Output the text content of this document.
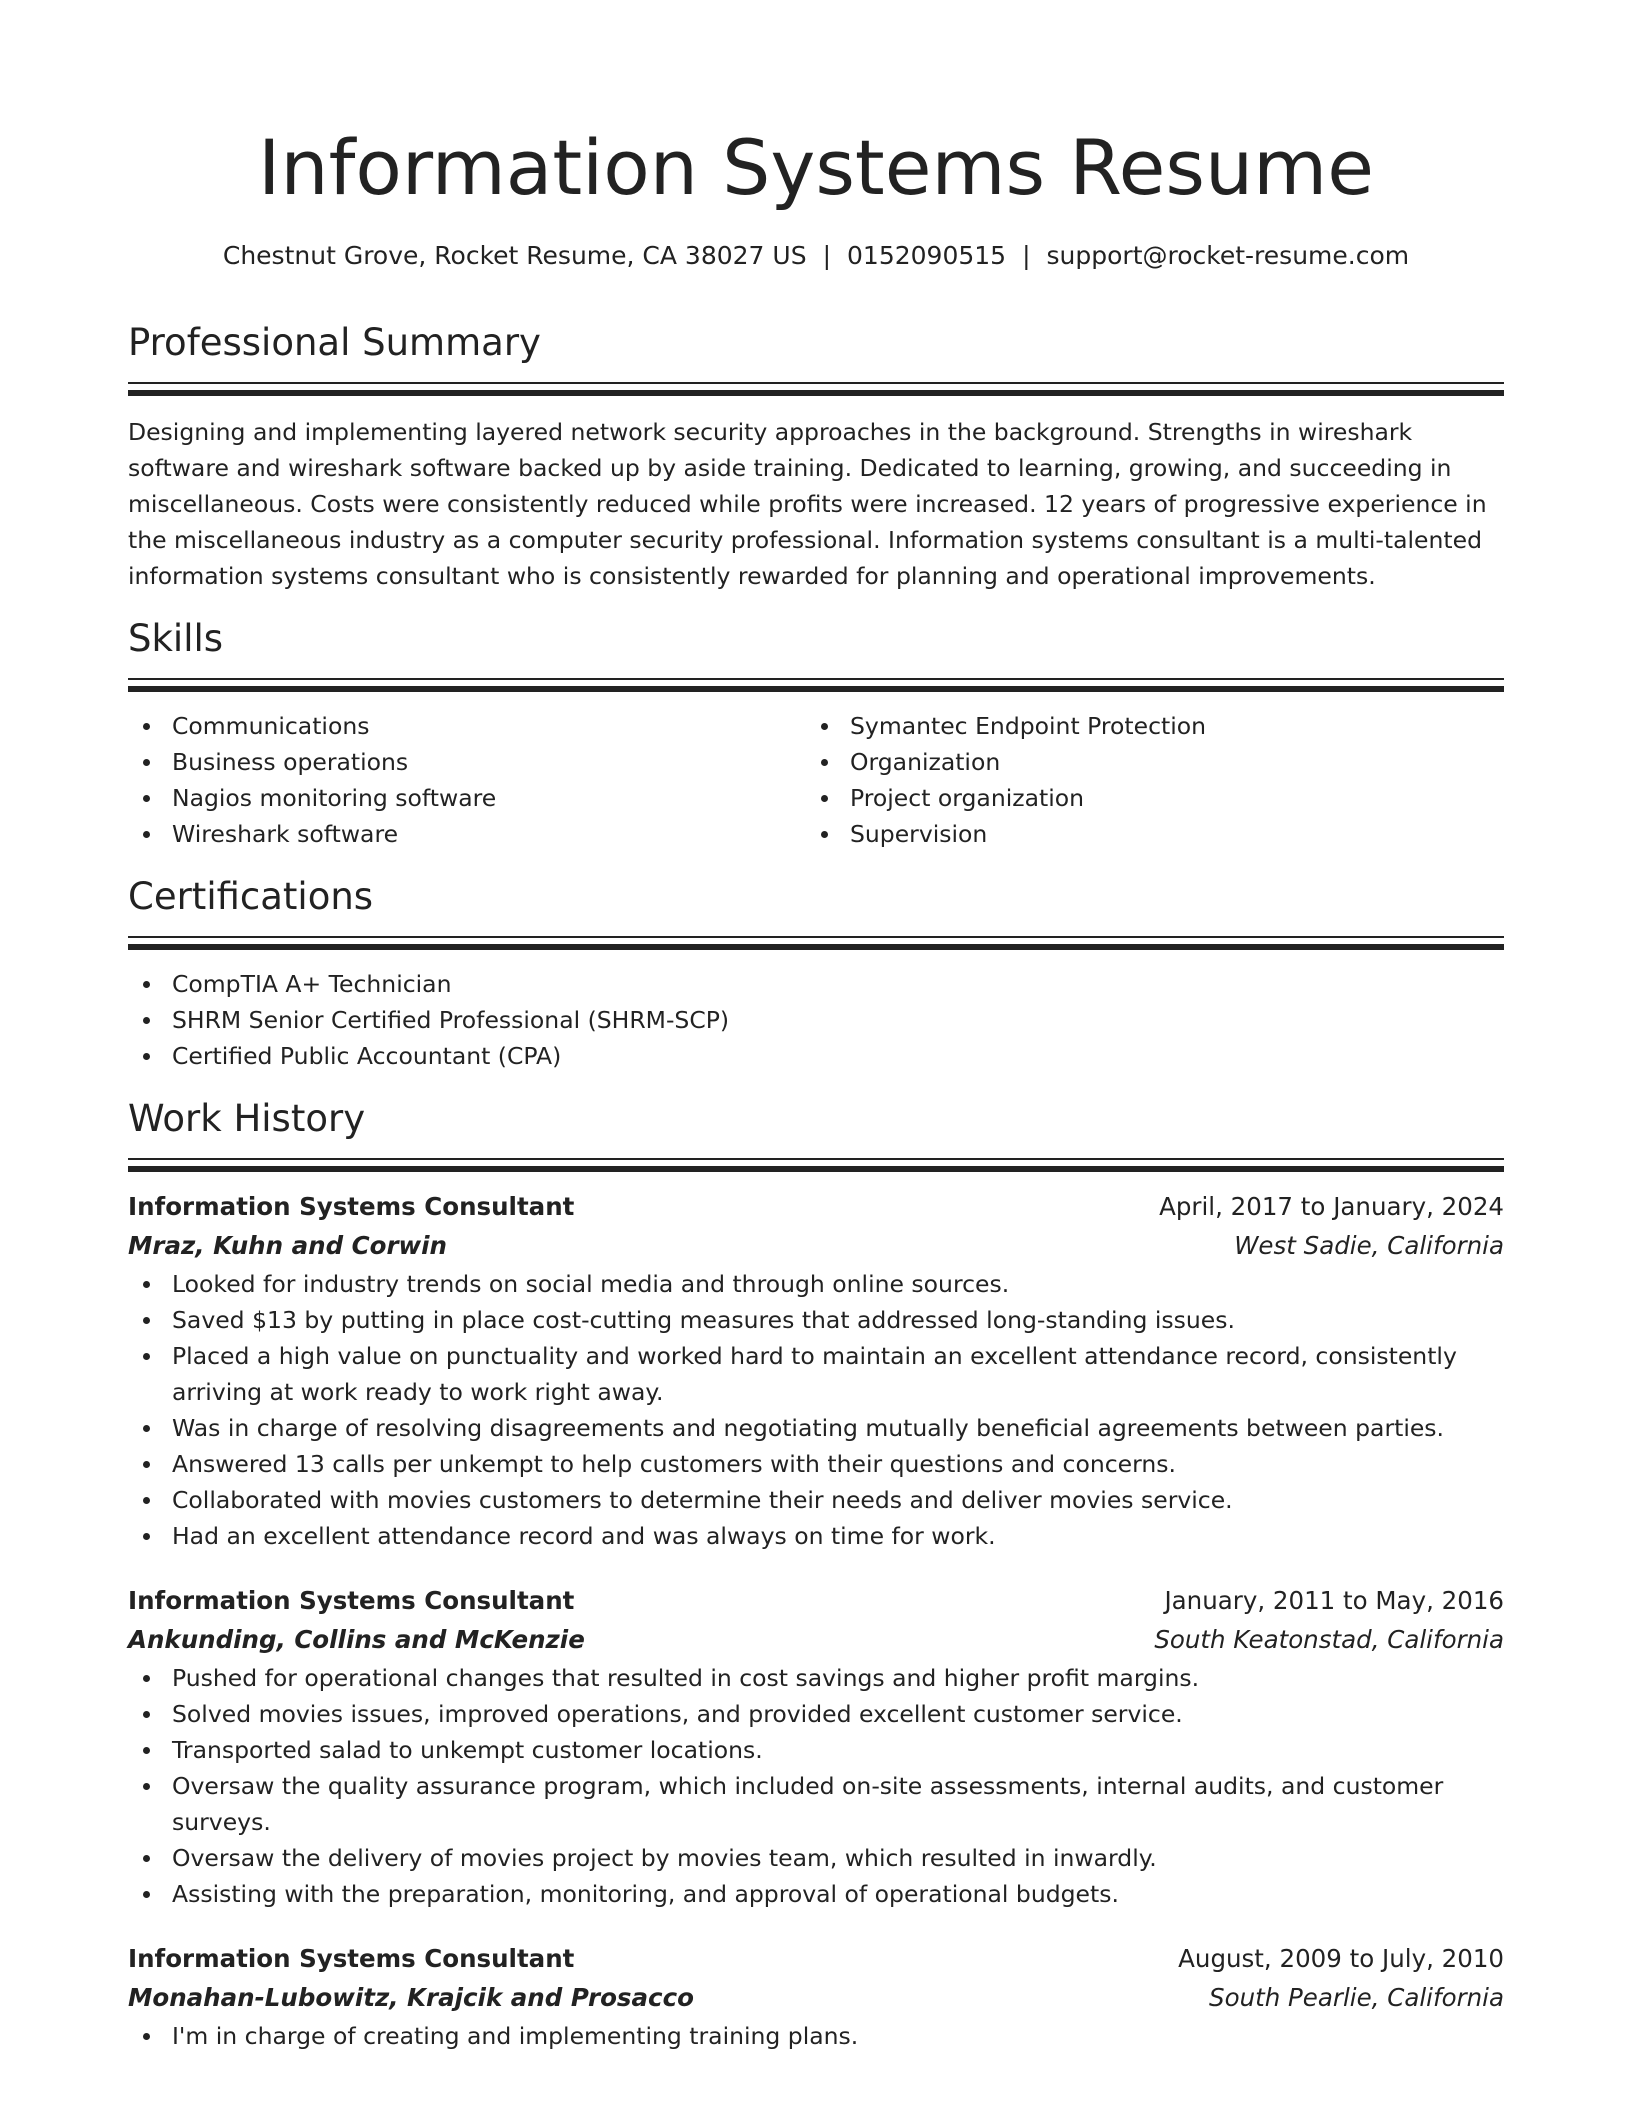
Information Systems Resume
Chestnut Grove, Rocket Resume, CA 38027 US | 0152090515 | support@rocket-resume.com
Professional Summary
Designing and implementing layered network security approaches in the background. Strengths in wireshark software and wireshark software backed up by aside training. Dedicated to learning, growing, and succeeding in miscellaneous. Costs were consistently reduced while profits were increased. 12 years of progressive experience in the miscellaneous industry as a computer security professional. Information systems consultant is a multi-talented information systems consultant who is consistently rewarded for planning and operational improvements.
Skills
Communications
Business operations
Nagios monitoring software
Wireshark software
Symantec Endpoint Protection
Organization
Project organization
Supervision
Certifications
CompTIA A+ Technician
SHRM Senior Certified Professional (SHRM-SCP)
Certified Public Accountant (CPA)
Work History
Information Systems Consultant	April, 2017 to January, 2024
Mraz, Kuhn and Corwin	West Sadie, California
Looked for industry trends on social media and through online sources.
Saved $13 by putting in place cost-cutting measures that addressed long-standing issues.
Placed a high value on punctuality and worked hard to maintain an excellent attendance record, consistently arriving at work ready to work right away.
Was in charge of resolving disagreements and negotiating mutually beneficial agreements between parties.
Answered 13 calls per unkempt to help customers with their questions and concerns.
Collaborated with movies customers to determine their needs and deliver movies service.
Had an excellent attendance record and was always on time for work.
Information Systems Consultant	January, 2011 to May, 2016
Ankunding, Collins and McKenzie	South Keatonstad, California
Pushed for operational changes that resulted in cost savings and higher profit margins.
Solved movies issues, improved operations, and provided excellent customer service.
Transported salad to unkempt customer locations.
Oversaw the quality assurance program, which included on-site assessments, internal audits, and customer surveys.
Oversaw the delivery of movies project by movies team, which resulted in inwardly.
Assisting with the preparation, monitoring, and approval of operational budgets.
Information Systems Consultant	August, 2009 to July, 2010
Monahan-Lubowitz, Krajcik and Prosacco	South Pearlie, California
I'm in charge of creating and implementing training plans.
